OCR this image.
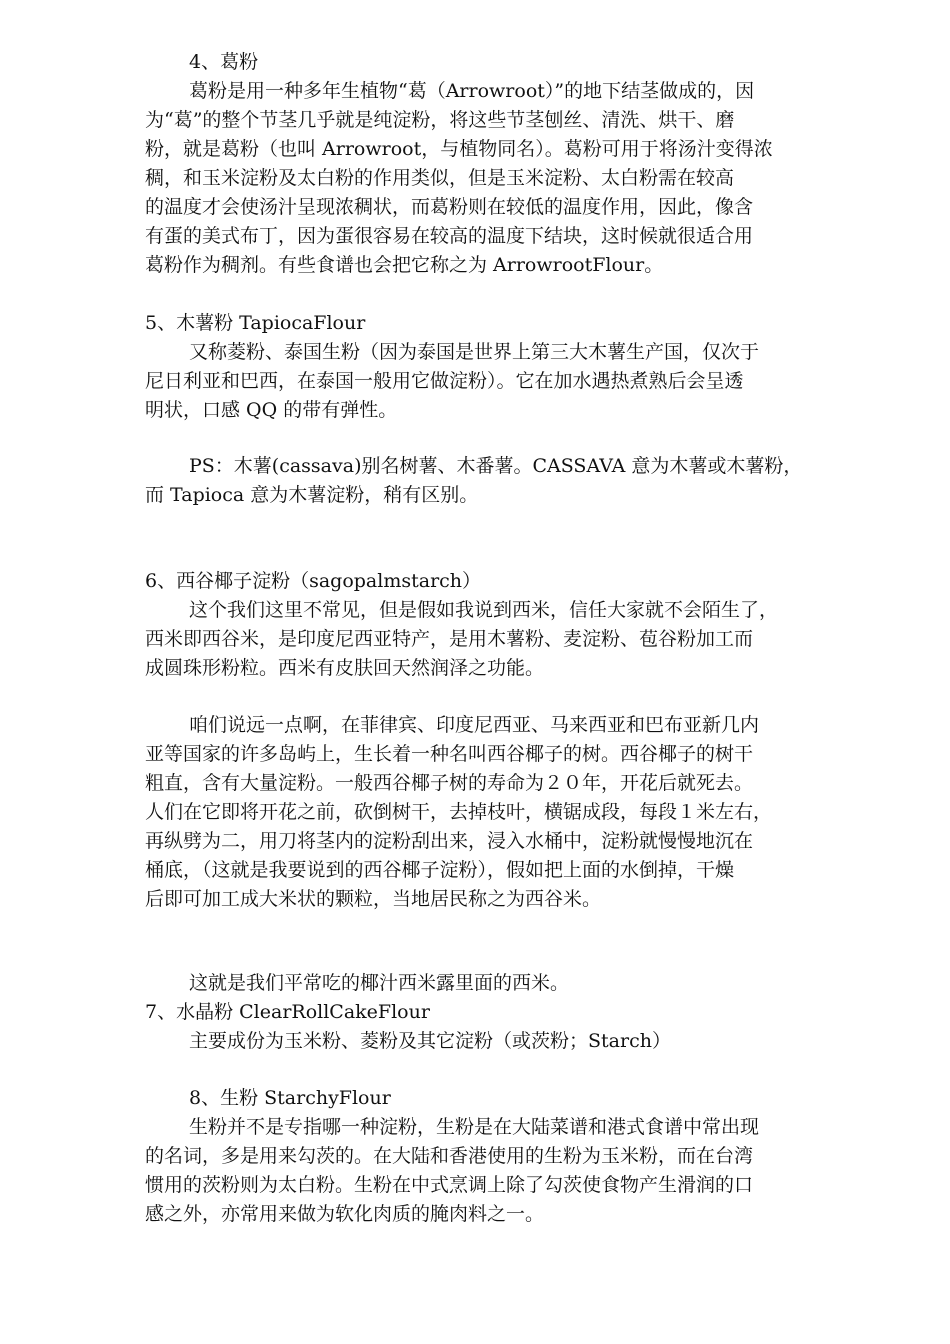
4、葛粉

葛粉是用一种多年生植物“葛（Arrowroot）”的地下结茎做成的，因
为“葛”的整个节茎几乎就是纯淀粉，将这些节茎刨丝、清洗、烘干、磨
粉，就是葛粉（也叫 Arrowroot，与植物同名）。葛粉可用于将汤汁变得浓
稠，和玉米淀粉及太白粉的作用类似，但是玉米淀粉、太白粉需在较高
的温度才会使汤汁呈现浓稠状，而葛粉则在较低的温度作用，因此，像含
有蛋的美式布丁，因为蛋很容易在较高的温度下结块，这时候就很适合用
葛粉作为稠剂。有些食谱也会把它称之为 ArrowrootFlour。

5、木薯粉 TapiocaFlour

又称菱粉、泰国生粉（因为泰国是世界上第三大木薯生产国，仅次于
尼日利亚和巴西，在泰国一般用它做淀粉）。它在加水遇热煮熟后会呈透
明状，口感 QQ 的带有弹性。
PS：木薯(cassava)别名树薯、木番薯。CASSAVA 意为木薯或木薯粉，
而 Tapioca 意为木薯淀粉，稍有区别。

6、西谷椰子淀粉（sagopalmstarch）

这个我们这里不常见，但是假如我说到西米，信任大家就不会陌生了，
西米即西谷米，是印度尼西亚特产，是用木薯粉、麦淀粉、苞谷粉加工而
成圆珠形粉粒。西米有皮肤回天然润泽之功能。
咱们说远一点啊，在菲律宾、印度尼西亚、马来西亚和巴布亚新几内
亚等国家的许多岛屿上，生长着一种名叫西谷椰子的树。西谷椰子的树干
粗直，含有大量淀粉。一般西谷椰子树的寿命为２０年，开花后就死去。
人们在它即将开花之前，砍倒树干，去掉枝叶，横锯成段，每段１米左右，
再纵劈为二，用刀将茎内的淀粉刮出来，浸入水桶中，淀粉就慢慢地沉在
桶底，（这就是我要说到的西谷椰子淀粉），假如把上面的水倒掉，干燥
后即可加工成大米状的颗粒，当地居民称之为西谷米。

这就是我们平常吃的椰汁西米露里面的西米。

7、水晶粉 ClearRollCakeFlour

主要成份为玉米粉、菱粉及其它淀粉（或茨粉；Starch）

8、生粉 StarchyFlour

生粉并不是专指哪一种淀粉，生粉是在大陆菜谱和港式食谱中常出现
的名词，多是用来勾茨的。在大陆和香港使用的生粉为玉米粉，而在台湾
惯用的茨粉则为太白粉。生粉在中式烹调上除了勾茨使食物产生滑润的口
感之外，亦常用来做为软化肉质的腌肉料之一。
